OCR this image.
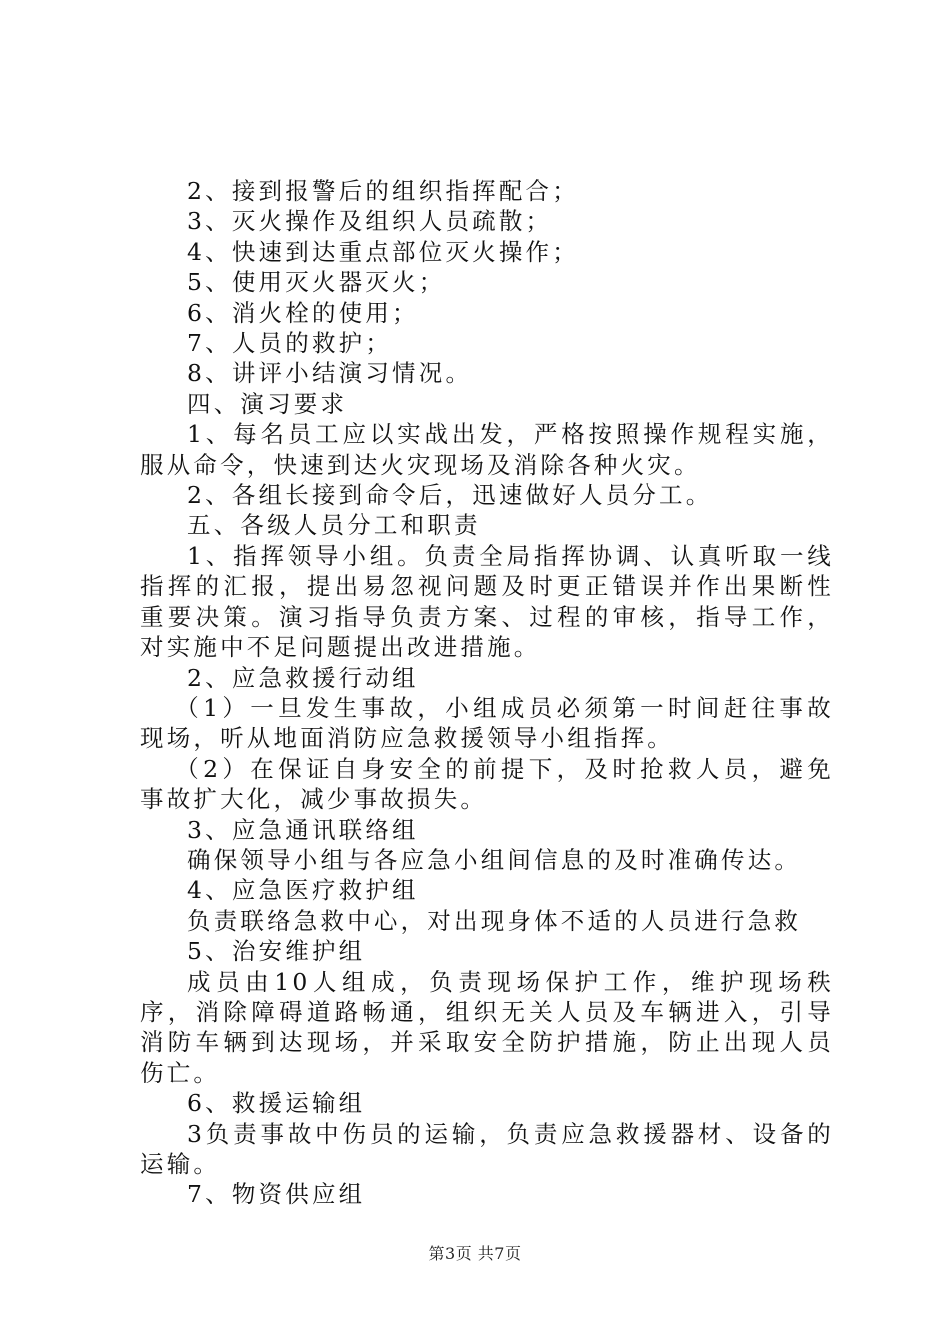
2、接到报警后的组织指挥配合；

3、灭火操作及组织人员疏散；

4、快速到达重点部位灭火操作；

5、使用灭火器灭火；

6、消火栓的使用；

7、人员的救护；

8、讲评小结演习情况。

四、演习要求

1、每名员工应以实战出发，严格按照操作规程实施，服从命令，快速到达火灾现场及消除各种火灾。

2、各组长接到命令后，迅速做好人员分工。

五、各级人员分工和职责

1、指挥领导小组。负责全局指挥协调、认真听取一线指挥的汇报，提出易忽视问题及时更正错误并作出果断性重要决策。演习指导负责方案、过程的审核，指导工作，对实施中不足问题提出改进措施。

2、应急救援行动组

（1）一旦发生事故，小组成员必须第一时间赶往事故现场，听从地面消防应急救援领导小组指挥。

（2）在保证自身安全的前提下，及时抢救人员，避免事故扩大化，减少事故损失。

3、应急通讯联络组

确保领导小组与各应急小组间信息的及时准确传达。

4、应急医疗救护组

负责联络急救中心，对出现身体不适的人员进行急救

5、治安维护组

成员由10人组成，负责现场保护工作，维护现场秩序，消除障碍道路畅通，组织无关人员及车辆进入，引导消防车辆到达现场，并采取安全防护措施，防止出现人员伤亡。

6、救援运输组

3负责事故中伤员的运输，负责应急救援器材、设备的运输。

7、物资供应组

第3页 共7页
